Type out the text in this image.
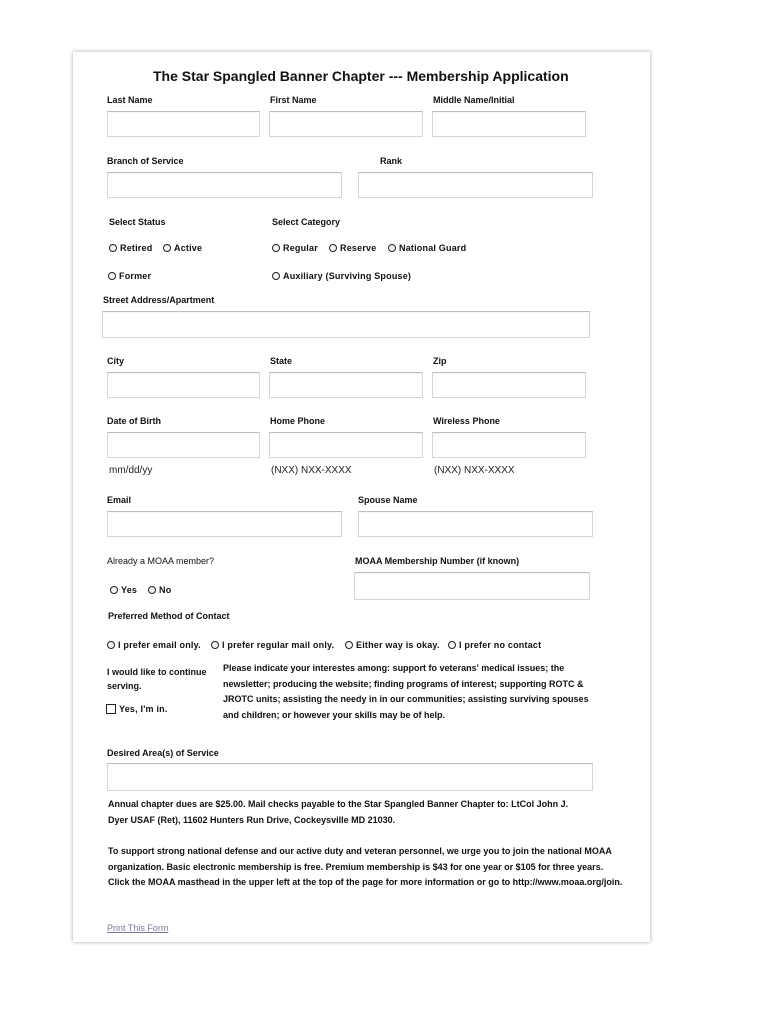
The Star Spangled Banner Chapter --- Membership Application
Last Name	First Name	Middle Name/Initial
Branch of Service	Rank
Select Status	Select Category
Retired Active
Former
Regular Reserve	National Guard
Auxiliary (Surviving Spouse)
Street Address/Apartment
City	State	Zip
Date of Birth	Home Phone	Wireless Phone
mm/dd/yy	(NXX) NXX-XXXX	(NXX) NXX-XXXX
Email	Spouse Name
Already a MOAA member?	MOAA Membership Number (if known)
Yes No
Preferred Method of Contact
I prefer email only. I prefer regular mail only. Either way is okay. I prefer no contact
I would like to continue serving.
Yes, I'm in.
Please indicate your interestes among: support fo veterans' medical issues; the newsletter; producing the website; finding programs of interest; supporting ROTC & JROTC units; assisting the needy in in our communities; assisting surviving spouses and children; or however your skills may be of help.
Desired Area(s) of Service
Annual chapter dues are $25.00. Mail checks payable to the Star Spangled Banner Chapter to: LtCol John J. Dyer USAF (Ret), 11602 Hunters Run Drive, Cockeysville MD 21030.
To support strong national defense and our active duty and veteran personnel, we urge you to join the national MOAA organization. Basic electronic membership is free. Premium membership is $43 for one year or $105 for three years. Click the MOAA masthead in the upper left at the top of the page for more information or go to http://www.moaa.org/join.
Print This Form
